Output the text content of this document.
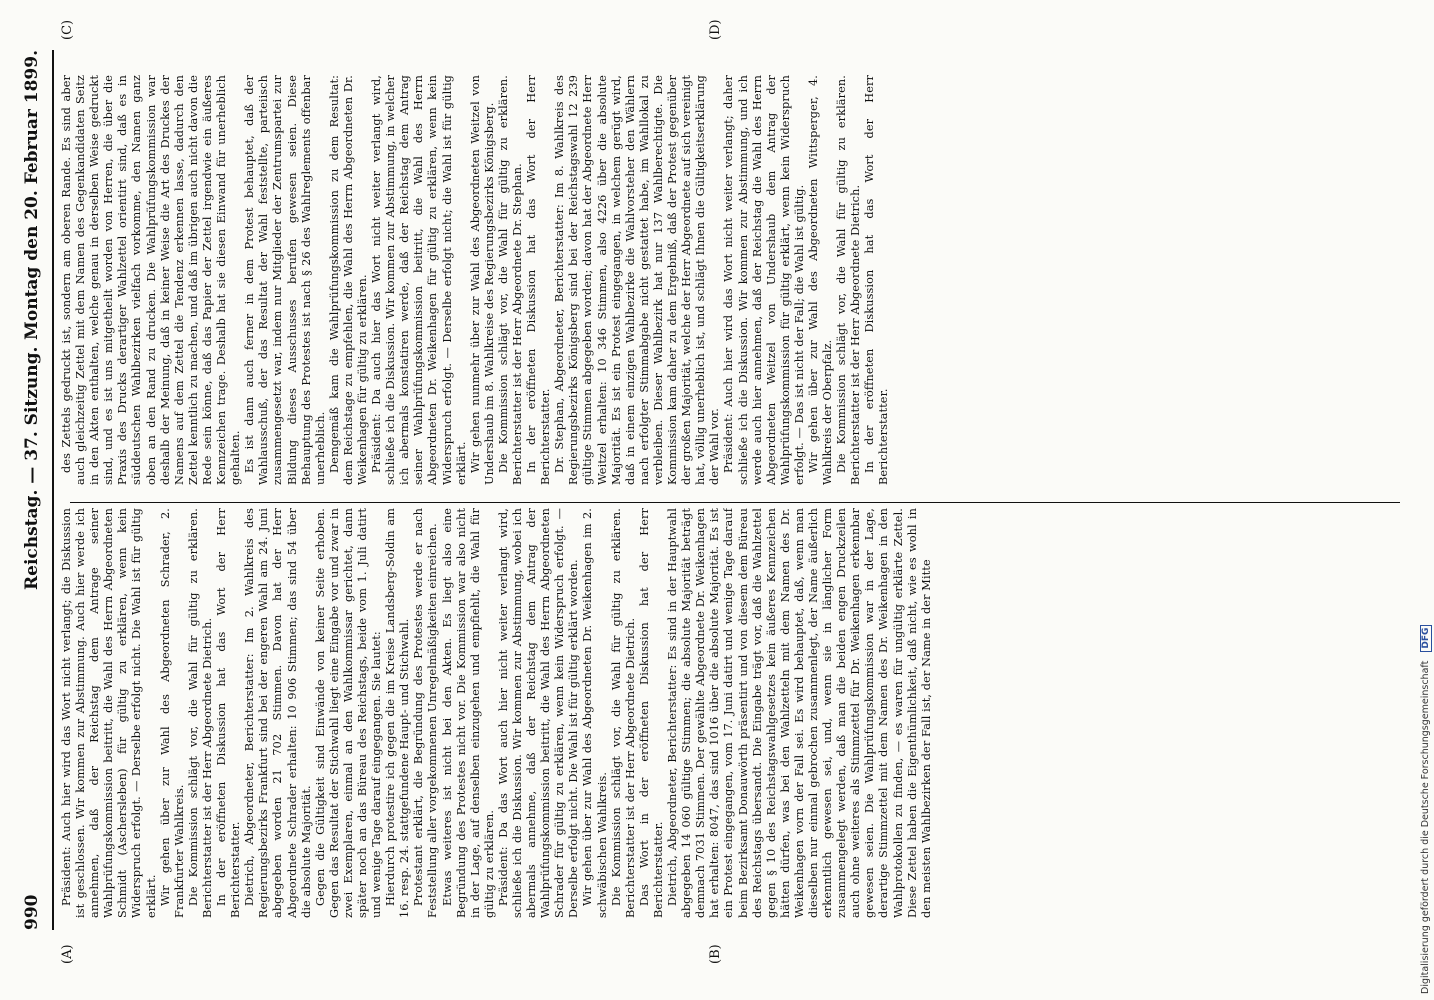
990
Reichstag. — 37. Sitzung.
Montag den 20. Februar 1899.
(A)	(B)
(C)	(D)

Präsident: Auch hier wird das Wort nicht verlangt; die Diskussion ist geschlossen. Wir kommen zur Abstimmung. Auch hier werde ich annehmen, daß der Reichstag dem Antrage seiner Wahlprüfungskommission beitritt, die Wahl des Herrn Abgeordneten Schmidt (Aschersleben) für gültig zu erklären, wenn kein Widerspruch erfolgt. — Derselbe erfolgt nicht. Die Wahl ist für gültig erklärt. Wir gehen über zur Wahl des Abgeordneten Schrader, 2. Frankfurter Wahlkreis. Die Kommission schlägt vor, die Wahl für gültig zu erklären. Berichterstatter ist der Herr Abgeordnete Dietrich. In der eröffneten Diskussion hat das Wort der Herr Berichterstatter. Dietrich, Abgeordneter, Berichterstatter: Im 2. Wahlkreis des Regierungsbezirks Frankfurt sind bei der engeren Wahl am 24. Juni abgegeben worden 21 702 Stimmen. Davon hat der Herr Abgeordnete Schrader erhalten: 10 906 Stimmen; das sind 54 über die absolute Majorität. Gegen die Gültigkeit sind Einwände von keiner Seite erhoben. Gegen das Resultat der Stichwahl liegt eine Eingabe vor und zwar in zwei Exemplaren, einmal an den Wahlkommissar gerichtet, dann später noch an das Büreau des Reichstags, beide vom 1. Juli datirt und wenige Tage darauf eingegangen. Sie lautet: Hierdurch protestire ich gegen die im Kreise Landsberg-Soldin am 16. resp. 24. stattgefundene Haupt- und Stichwahl. Protestant erklärt, die Begründung des Protestes werde er nach Feststellung aller vorgekommenen Unregelmäßigkeiten einreichen. Etwas weiteres ist nicht bei den Akten. Es liegt also eine Begründung des Protestes nicht vor. Die Kommission war also nicht in der Lage, auf denselben einzugehen und empfiehlt, die Wahl für gültig zu erklären. Präsident: Da das Wort auch hier nicht weiter verlangt wird, schließe ich die Diskussion. Wir kommen zur Abstimmung, wobei ich abermals annehme, daß der Reichstag dem Antrag der Wahlprüfungskommission beitritt, die Wahl des Herrn Abgeordneten Schrader für gültig zu erklären, wenn kein Widerspruch erfolgt. — Derselbe erfolgt nicht. Die Wahl ist für gültig erklärt worden. Wir gehen über zur Wahl des Abgeordneten Dr. Weikenhagen im 2. schwäbischen Wahlkreis. Die Kommission schlägt vor, die Wahl für gültig zu erklären. Berichterstatter ist der Herr Abgeordnete Dietrich. Das Wort in der eröffneten Diskussion hat der Herr Berichterstatter. Dietrich, Abgeordneter, Berichterstatter: Es sind in der Hauptwahl abgegeben 14 060 gültige Stimmen; die absolute Majorität beträgt demnach 7031 Stimmen. Der gewählte Abgeordnete Dr. Weikenhagen hat erhalten: 8047, das sind 1016 über die absolute Majorität. Es ist ein Protest eingegangen, vom 17. Juni datirt und wenige Tage darauf beim Bezirksamt Donauwörth präsentirt und von diesem dem Büreau des Reichstags übersandt. Die Eingabe trägt vor, daß die Wahlzettel gegen § 10 des Reichstagswahlgesetzes kein äußeres Kennzeichen hätten dürfen, was bei den Wahlzetteln mit dem Namen des Dr. Weikenhagen vorn der Fall sei. Es wird behauptet, daß, wenn man dieselben nur einmal gebrochen zusammenlegt, der Name äußerlich erkenntlich gewesen sei, und, wenn sie in länglicher Form zusammengelegt werden, daß man die beiden engen Druckzeilen auch ohne weiteres als Stimmzettel für Dr. Weikenhagen erkennbar gewesen seien. Die Wahlprüfungskommission war in der Lage, derartige Stimmzettel mit dem Namen des Dr. Weikenhagen in den Wahlprotokollen zu finden, — es waren für ungültig erklärte Zettel. Diese Zettel haben die Eigenthümlichkeit, daß nicht, wie es wohl in den meisten Wahlbezirken der Fall ist, der Name in der Mitte

des Zettels gedruckt ist, sondern am oberen Rande. Es sind aber auch gleichzeitig Zettel mit dem Namen des Gegenkandidaten Seitz in den Akten enthalten, welche genau in derselben Weise gedruckt sind, und es ist uns mitgetheilt worden von Herren, die über die Praxis des Drucks derartiger Wahlzettel orientirt sind, daß es in süddeutschen Wahlbezirken vielfach vorkomme, den Namen ganz oben an den Rand zu drucken. Die Wahlprüfungskommission war deshalb der Meinung, daß in keiner Weise die Art des Druckes der Namens auf dem Zettel die Tendenz erkennen lasse, dadurch den Zettel kenntlich zu machen, und daß im übrigen auch nicht davon die Rede sein könne, daß das Papier der Zettel irgendwie ein äußeres Kennzeichen trage. Deshalb hat sie diesen Einwand für unerheblich gehalten. Es ist dann auch ferner in dem Protest behauptet, daß der Wahlausschuß, der das Resultat der Wahl feststellte, parteiisch zusammengesetzt war, indem nur Mitglieder der Zentrumspartei zur Bildung dieses Ausschusses berufen gewesen seien. Diese Behauptung des Protestes ist nach § 26 des Wahlreglements offenbar unerheblich. Demgemäß kam die Wahlprüfungskommission zu dem Resultat: dem Reichstage zu empfehlen, die Wahl des Herrn Abgeordneten Dr. Weikenhagen für gültig zu erklären. Präsident: Da auch hier das Wort nicht weiter verlangt wird, schließe ich die Diskussion. Wir kommen zur Abstimmung, in welcher ich abermals konstatiren werde, daß der Reichstag dem Antrag seiner Wahlprüfungskommission beitritt, die Wahl des Herrn Abgeordneten Dr. Weikenhagen für gültig zu erklären, wenn kein Widerspruch erfolgt. — Derselbe erfolgt nicht; die Wahl ist für gültig erklärt. Wir gehen nunmehr über zur Wahl des Abgeordneten Weitzel von Undershaub im 8. Wahlkreise des Regierungsbezirks Königsberg. Die Kommission schlägt vor, die Wahl für gültig zu erklären. Berichterstatter ist der Herr Abgeordnete Dr. Stephan. In der eröffneten Diskussion hat das Wort der Herr Berichterstatter. Dr. Stephan, Abgeordneter, Berichterstatter: Im 8. Wahlkreis des Regierungsbezirks Königsberg sind bei der Reichstagswahl 12 239 gültige Stimmen abgegeben worden; davon hat der Abgeordnete Herr Weitzel erhalten: 10 346 Stimmen, also 4226 über die absolute Majorität. Es ist ein Protest eingegangen, in welchem gerügt wird, daß in einem einzigen Wahlbezirke die Wahlvorsteher den Wählern nach erfolgter Stimmabgabe nicht gestattet habe, im Wahllokal zu verbleiben. Dieser Wahlbezirk hat nur 137 Wahlberechtigte. Die Kommission kam daher zu dem Ergebniß, daß der Protest gegenüber der großen Majorität, welche der Herr Abgeordnete auf sich vereinigt hat, völlig unerheblich ist, und schlägt Ihnen die Gültigkeitserklärung der Wahl vor. Präsident: Auch hier wird das Wort nicht weiter verlangt; daher schließe ich die Diskussion. Wir kommen zur Abstimmung, und ich werde auch hier annehmen, daß der Reichstag die Wahl des Herrn Abgeordneten Weitzel von Undershaub dem Antrag der Wahlprüfungskommission für gültig erklärt, wenn kein Widerspruch erfolgt. — Das ist nicht der Fall; die Wahl ist gültig. Wir gehen über zur Wahl des Abgeordneten Wittsperger, 4. Wahlkreis der Oberpfalz. Die Kommission schlägt vor, die Wahl für gültig zu erklären. Berichterstatter ist der Herr Abgeordnete Dietrich. In der eröffneten Diskussion hat das Wort der Herr Berichterstatter.

Digitalisierung gefördert durch die Deutsche Forschungsgemeinschaft DFG
